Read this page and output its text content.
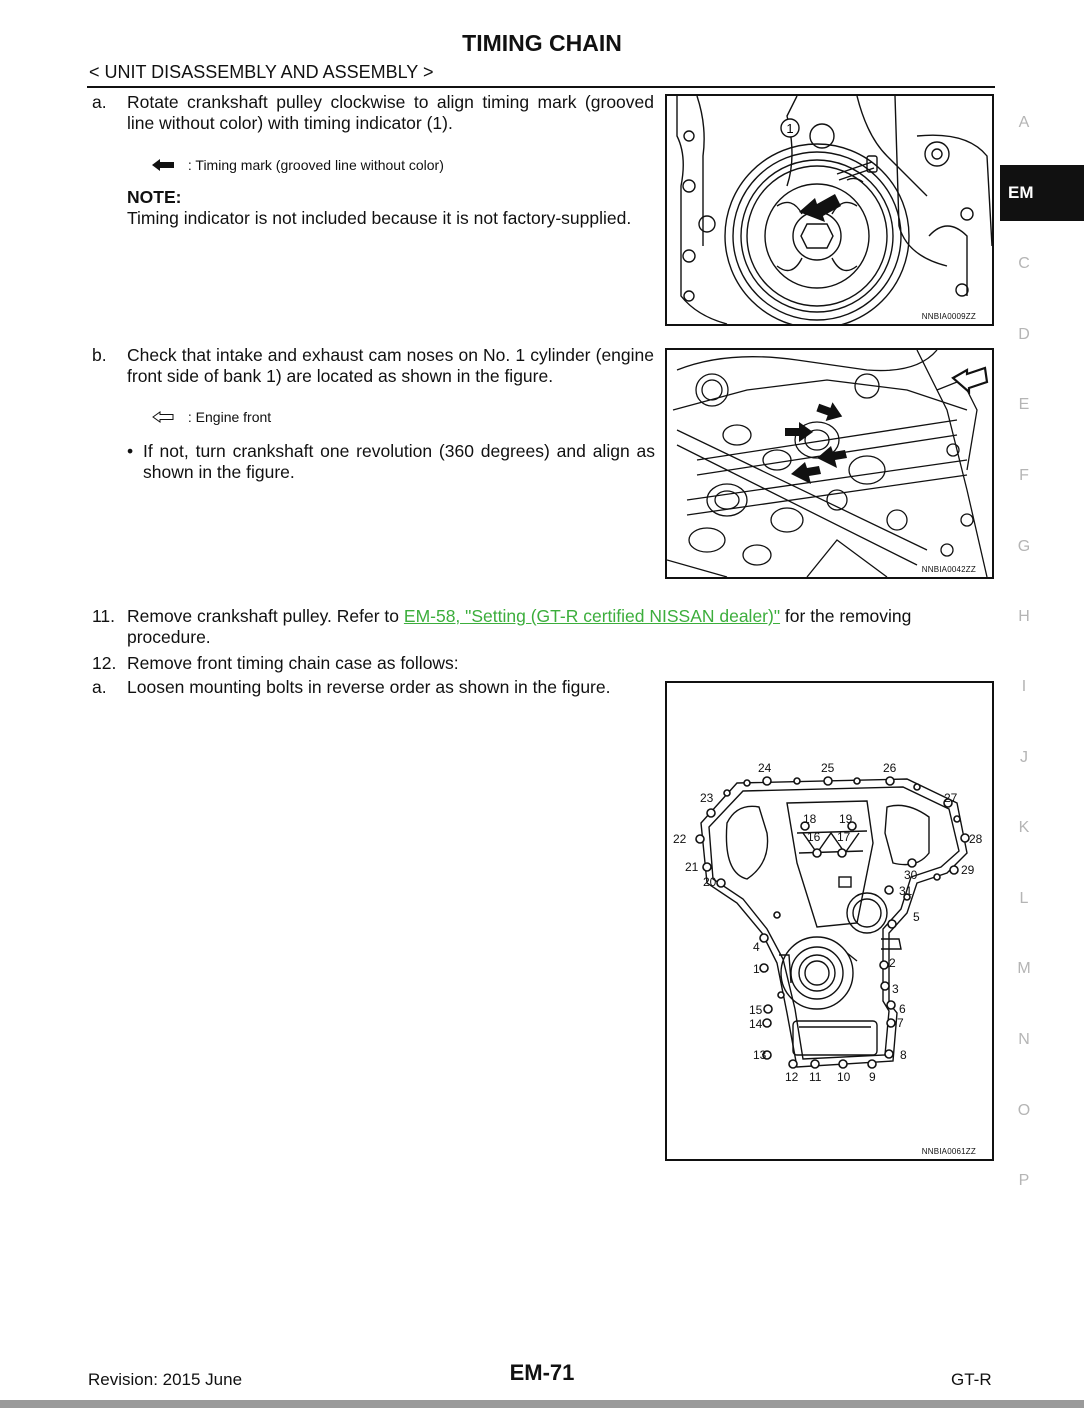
TIMING CHAIN
< UNIT DISASSEMBLY AND ASSEMBLY >
a. Rotate crankshaft pulley clockwise to align timing mark (grooved line without color) with timing indicator (1).
: Timing mark (grooved line without color)
NOTE:
Timing indicator is not included because it is not factory-supplied.
1
NNBIA0009ZZ
b. Check that intake and exhaust cam noses on No. 1 cylinder (engine front side of bank 1) are located as shown in the figure.
: Engine front
• If not, turn crankshaft one revolution (360 degrees) and align as shown in the figure.
NNBIA0042ZZ
11. Remove crankshaft pulley. Refer to EM-58, "Setting (GT-R certified NISSAN dealer)" for the removing procedure.
12. Remove front timing chain case as follows:
a. Loosen mounting bolts in reverse order as shown in the figure.
1	2
3
4
5
6
7
8
9
10
11
12
13
14
15
16 17
18 19
20
21
22
23
24	25	26
27
28
29
30
31
NNBIA0061ZZ
A
EM
C
D
E
F
G
H
I
J
K
L
M
N
O
P
Revision: 2015 June	EM-71	GT-R
